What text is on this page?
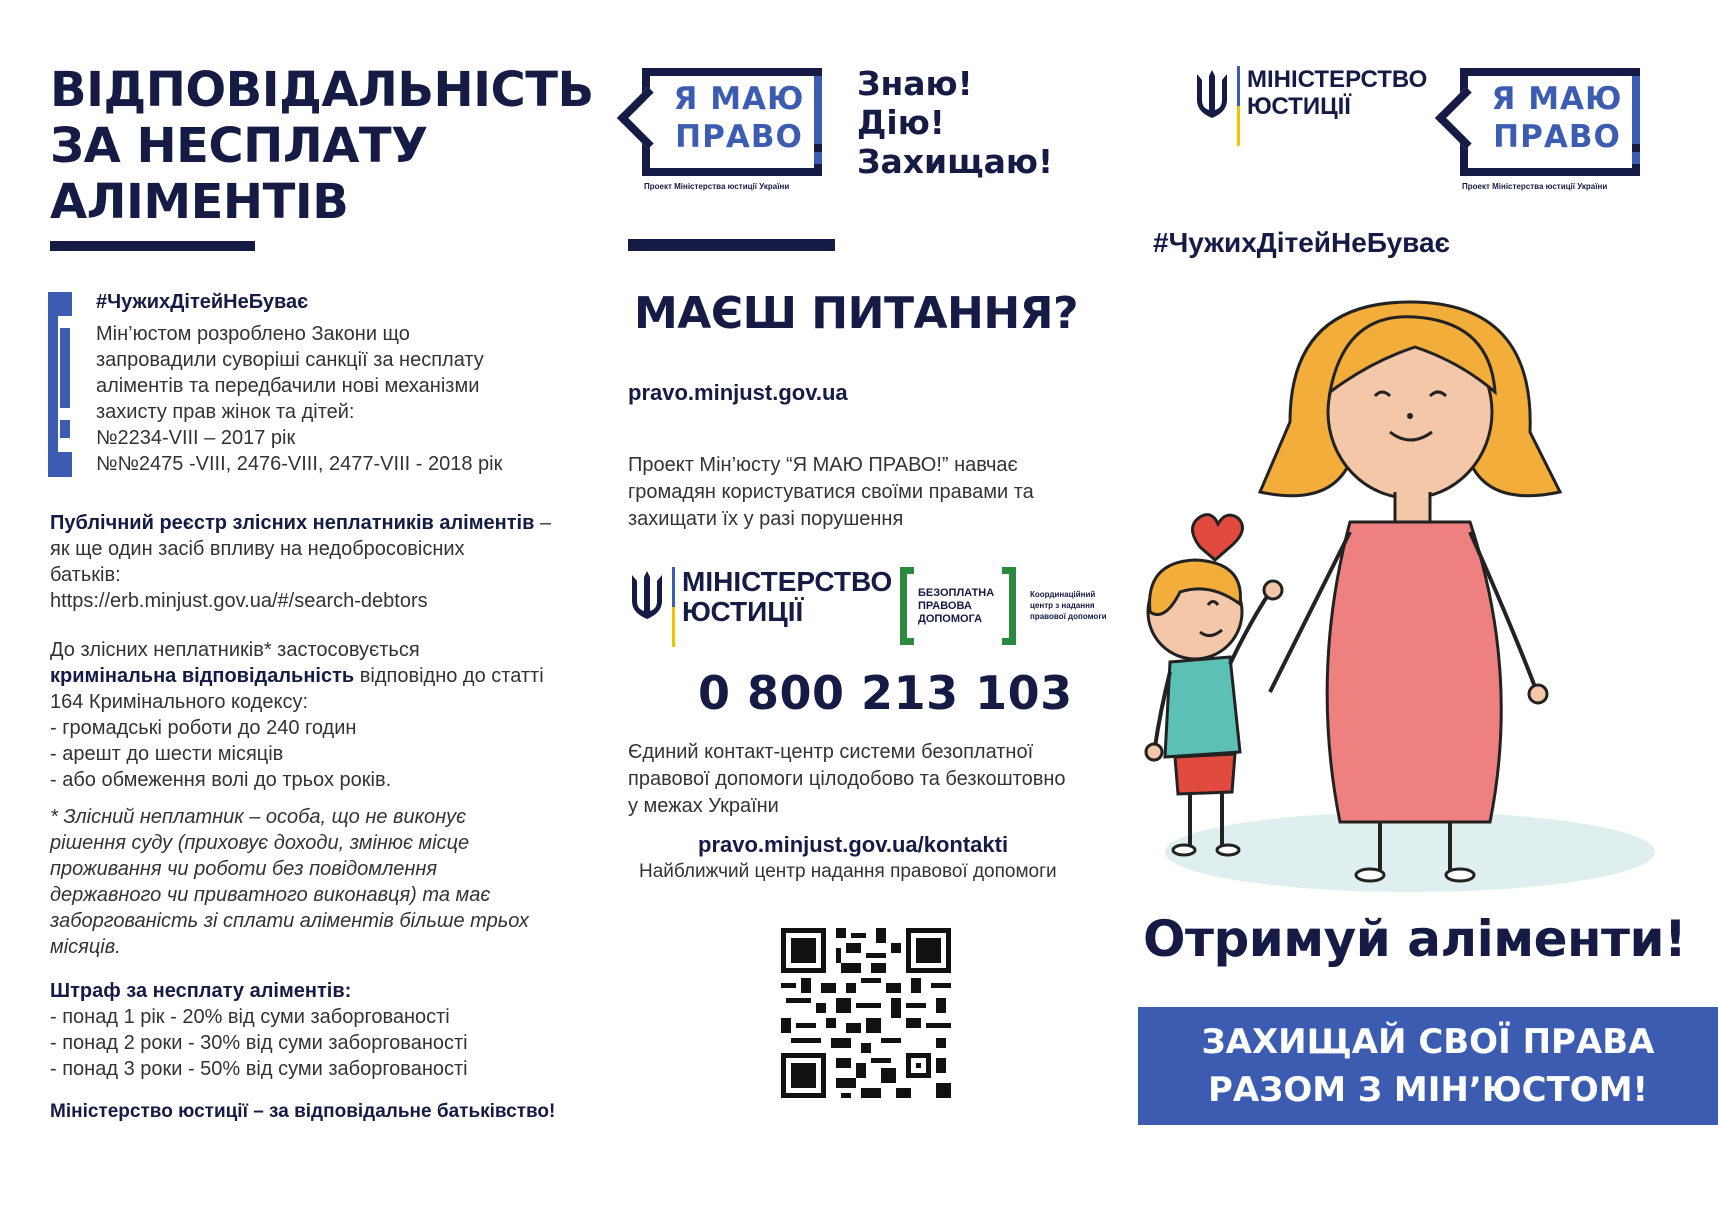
ВІДПОВІДАЛЬНІСТЬ
ЗА НЕСПЛАТУ
АЛІМЕНТІВ
#ЧужихДітейНеБуває
Мін’юстом розроблено Закони що
запровадили суворіші санкції за несплату
аліментів та передбачили нові механізми
захисту прав жінок та дітей:
№2234-VIII – 2017 рік
№№2475 -VIII, 2476-VIII, 2477-VIII - 2018 рік
Публічний реєстр злісних неплатників аліментів –
як ще один засіб впливу на недобросовісних
батьків:
https://erb.minjust.gov.ua/#/search-debtors
До злісних неплатників* застосовується
кримінальна відповідальність відповідно до статті
164 Кримінального кодексу:
- громадські роботи до 240 годин
- арешт до шести місяців
- або обмеження волі до трьох років.
* Злісний неплатник – особа, що не виконує
рішення суду (приховує доходи, змінює місце
проживання чи роботи без повідомлення
державного чи приватного виконавця) та має
заборгованість зі сплати аліментів більше трьох
місяців.
Штраф за несплату аліментів:
- понад 1 рік - 20% від суми заборгованості
- понад 2 роки - 30% від суми заборгованості
- понад 3 роки - 50% від суми заборгованості
Міністерство юстиції – за відповідальне батьківство!
Я МАЮ
ПРАВО
Проект Міністерства юстиції України
Знаю!
Дію!
Захищаю!
МАЄШ ПИТАННЯ?
pravo.minjust.gov.ua
Проект Мін’юсту “Я МАЮ ПРАВО!” навчає
громадян користуватися своїми правами та
захищати їх у разі порушення
МІНІСТЕРСТВО
ЮСТИЦІЇ
БЕЗОПЛАТНА
ПРАВОВА
ДОПОМОГА
Координаційний
центр з надання
правової допомоги
0 800 213 103
Єдиний контакт-центр системи безоплатної
правової допомоги цілодобово та безкоштовно
у межах України
pravo.minjust.gov.ua/kontakti
Найближчий центр надання правової допомоги
МІНІСТЕРСТВО
ЮСТИЦІЇ	Я МАЮ
ПРАВО
Проект Міністерства юстиції України
#ЧужихДітейНеБуває
Отримуй аліменти!
ЗАХИЩАЙ СВОЇ ПРАВА
РАЗОМ З МІН’ЮСТОМ!
